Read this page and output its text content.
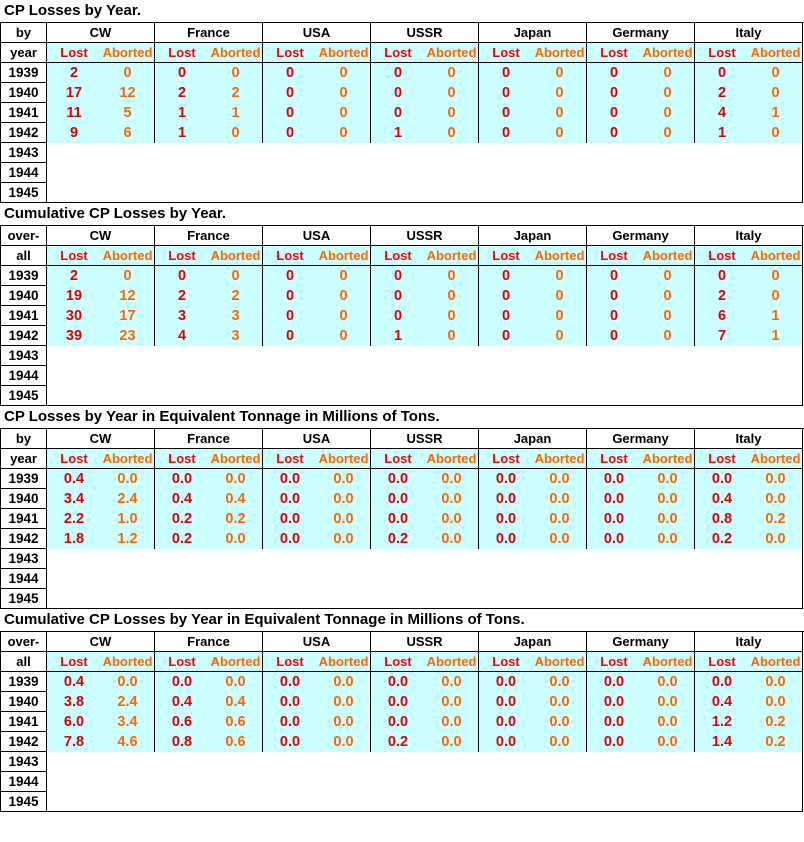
CP Losses by Year.
by	CW	France	USA	USSR	Japan	Germany	Italy
year	Lost	Aborted	Lost	Aborted	Lost	Aborted	Lost	Aborted	Lost	Aborted	Lost	Aborted	Lost	Aborted
1939	2	0	0	0	0	0	0	0	0	0	0	0	0	0
1940	17	12	2	2	0	0	0	0	0	0	0	0	2	0
1941	11	5	1	1	0	0	0	0	0	0	0	0	4	1
1942	9	6	1	0	0	0	1	0	0	0	0	0	1	0
1943
1944
1945
Cumulative CP Losses by Year.
over-	CW	France	USA	USSR	Japan	Germany	Italy
all	Lost	Aborted	Lost	Aborted	Lost	Aborted	Lost	Aborted	Lost	Aborted	Lost	Aborted	Lost	Aborted
1939	2	0	0	0	0	0	0	0	0	0	0	0	0	0
1940	19	12	2	2	0	0	0	0	0	0	0	0	2	0
1941	30	17	3	3	0	0	0	0	0	0	0	0	6	1
1942	39	23	4	3	0	0	1	0	0	0	0	0	7	1
1943
1944
1945
CP Losses by Year in Equivalent Tonnage in Millions of Tons.
by	CW	France	USA	USSR	Japan	Germany	Italy
year	Lost	Aborted	Lost	Aborted	Lost	Aborted	Lost	Aborted	Lost	Aborted	Lost	Aborted	Lost	Aborted
1939	0.4	0.0	0.0	0.0	0.0	0.0	0.0	0.0	0.0	0.0	0.0	0.0	0.0	0.0
1940	3.4	2.4	0.4	0.4	0.0	0.0	0.0	0.0	0.0	0.0	0.0	0.0	0.4	0.0
1941	2.2	1.0	0.2	0.2	0.0	0.0	0.0	0.0	0.0	0.0	0.0	0.0	0.8	0.2
1942	1.8	1.2	0.2	0.0	0.0	0.0	0.2	0.0	0.0	0.0	0.0	0.0	0.2	0.0
1943
1944
1945
Cumulative CP Losses by Year in Equivalent Tonnage in Millions of Tons.
over-	CW	France	USA	USSR	Japan	Germany	Italy
all	Lost	Aborted	Lost	Aborted	Lost	Aborted	Lost	Aborted	Lost	Aborted	Lost	Aborted	Lost	Aborted
1939	0.4	0.0	0.0	0.0	0.0	0.0	0.0	0.0	0.0	0.0	0.0	0.0	0.0	0.0
1940	3.8	2.4	0.4	0.4	0.0	0.0	0.0	0.0	0.0	0.0	0.0	0.0	0.4	0.0
1941	6.0	3.4	0.6	0.6	0.0	0.0	0.0	0.0	0.0	0.0	0.0	0.0	1.2	0.2
1942	7.8	4.6	0.8	0.6	0.0	0.0	0.2	0.0	0.0	0.0	0.0	0.0	1.4	0.2
1943
1944
1945
